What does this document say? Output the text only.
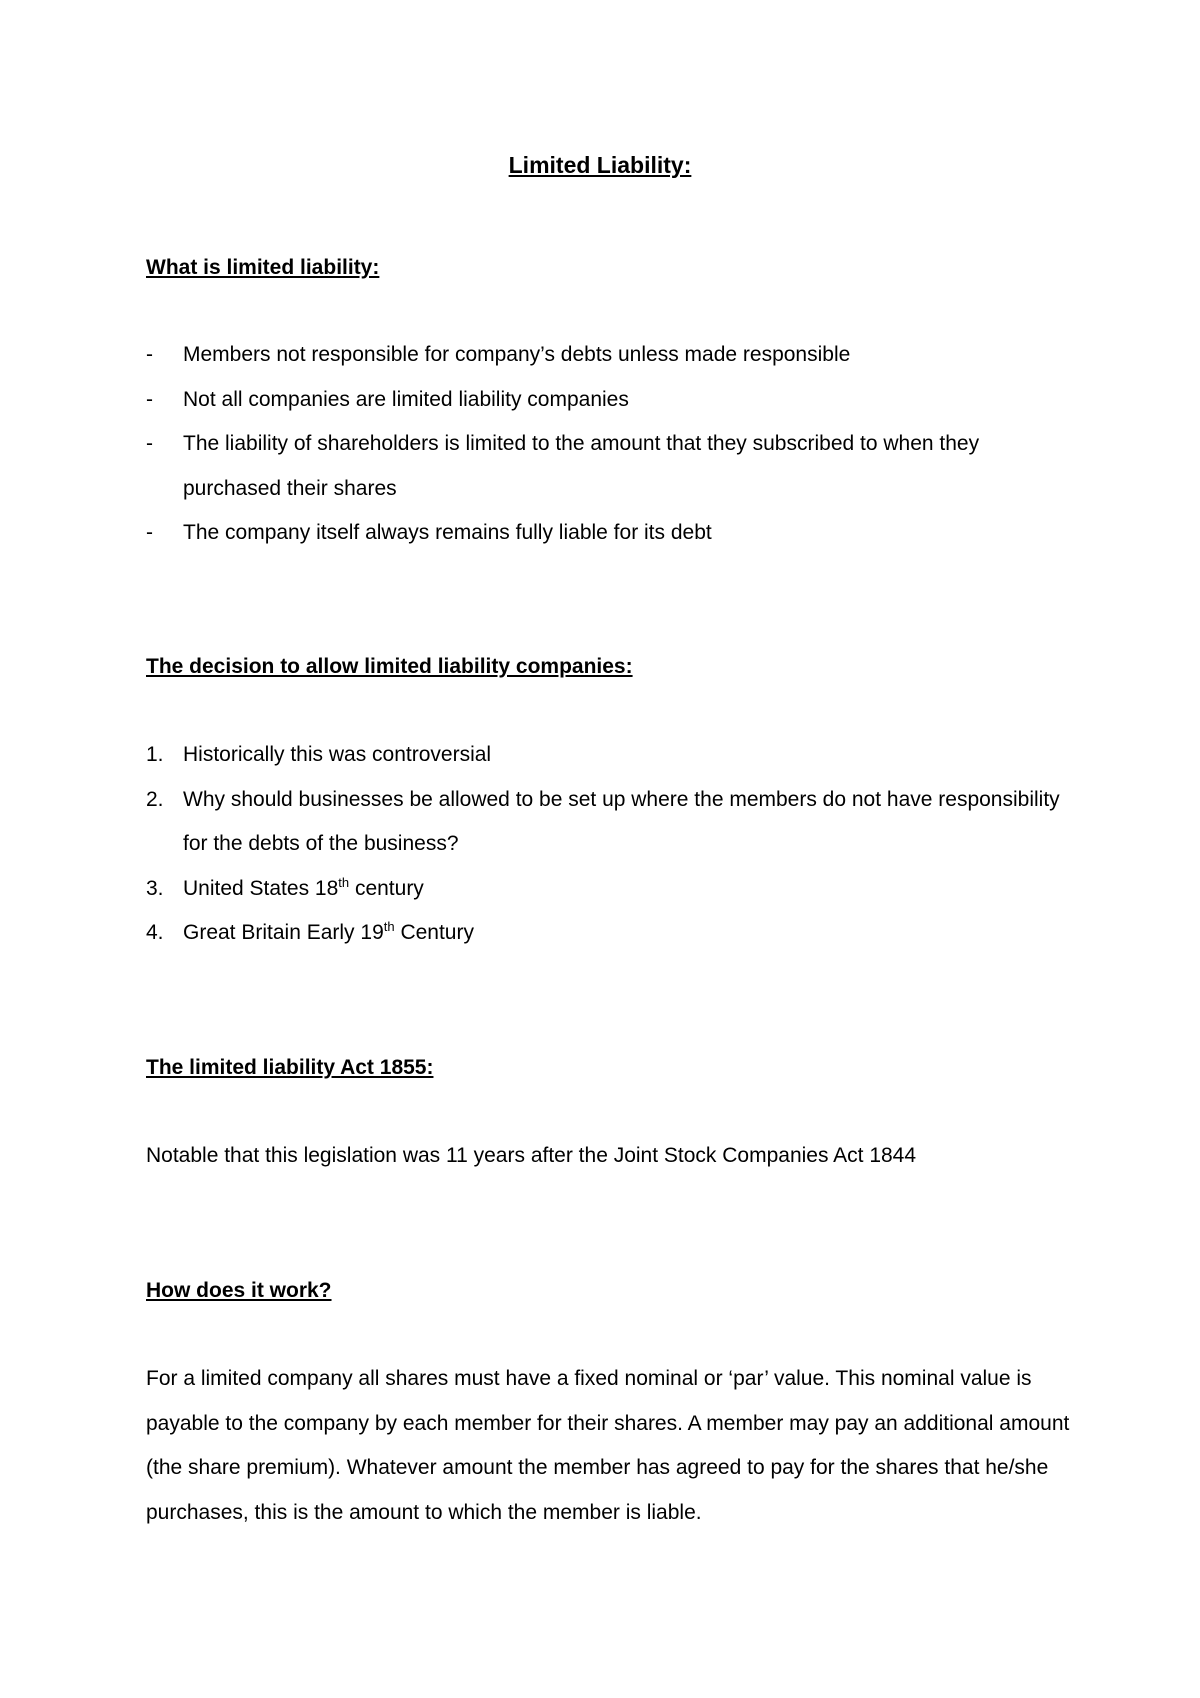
Limited Liability:
What is limited liability:
- Members not responsible for company’s debts unless made responsible
- Not all companies are limited liability companies
- The liability of shareholders is limited to the amount that they subscribed to when they purchased their shares
- The company itself always remains fully liable for its debt
The decision to allow limited liability companies:
1. Historically this was controversial
2. Why should businesses be allowed to be set up where the members do not have responsibility for the debts of the business?
3. United States 18th century
4. Great Britain Early 19th Century
The limited liability Act 1855:

Notable that this legislation was 11 years after the Joint Stock Companies Act 1844

How does it work?

For a limited company all shares must have a fixed nominal or ‘par’ value. This nominal value is payable to the company by each member for their shares. A member may pay an additional amount (the share premium). Whatever amount the member has agreed to pay for the shares that he/she purchases, this is the amount to which the member is liable.
